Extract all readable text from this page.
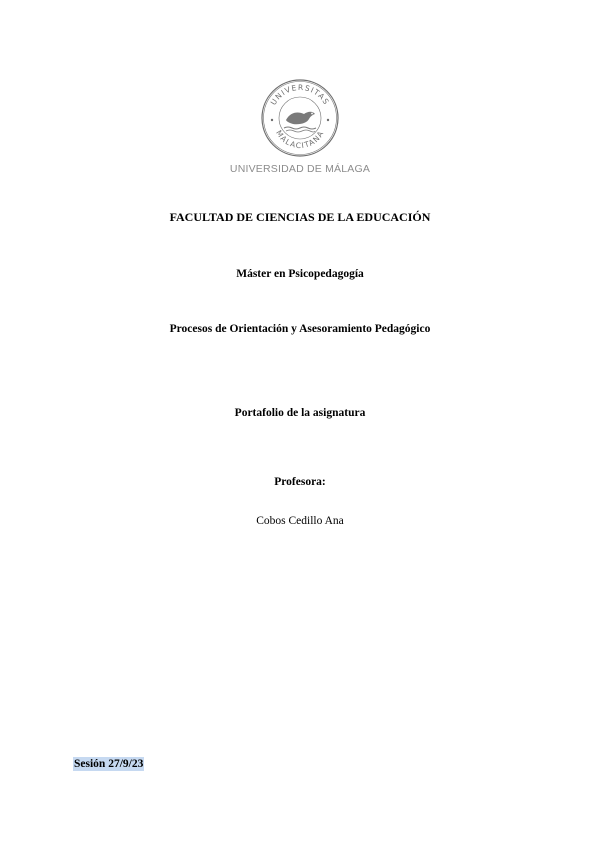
UNIVERSITAS
MALACITANA
UNIVERSIDAD DE MÁLAGA
FACULTAD DE CIENCIAS DE LA EDUCACIÓN
Máster en Psicopedagogía
Procesos de Orientación y Asesoramiento Pedagógico
Portafolio de la asignatura
Profesora:
Cobos Cedillo Ana
Sesión 27/9/23
